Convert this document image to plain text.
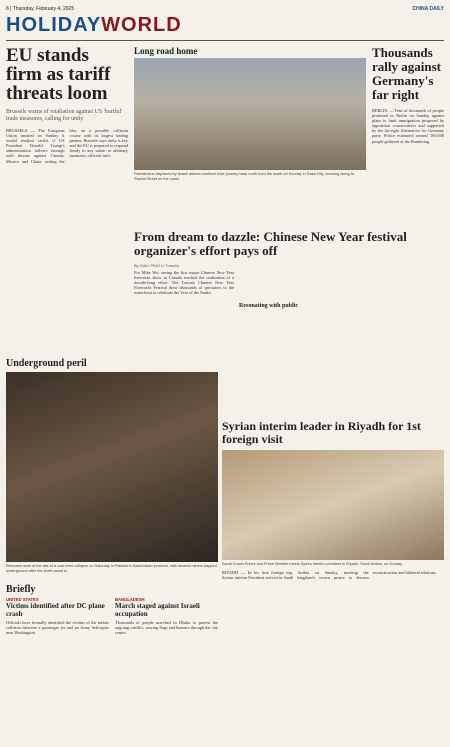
6 | Thursday, February 4, 2025	CHINA DAILY
HOLIDAYWORLD
EU stands firm as tariff threats loom
Brussels warns of retaliation against US 'hurtful' trade measures, calling for unity
BRUSSELS — The European Union insisted on Sunday it would readjust tariffs if US President Donald Trump's administration follows through with threats against Canada, Mexico and China, setting the bloc on a possible collision course with its largest trading partner. Brussels says unity is key and the EU is prepared to respond firmly to any unfair or arbitrary measures, officials said.
Underground peril
Rescuers work at the site of a coal mine collapse on Saturday in Pakistan's Balochistan province, with several miners trapped underground after the shaft caved in.
Briefly
UNITED STATES
Victims identified after DC plane crash
Officials have formally identified the victims of the midair collision between a passenger jet and an Army helicopter near Washington.
BANGLADESH
March staged against Israeli occupation
Thousands of people marched in Dhaka to protest the ongoing conflict, waving flags and banners through the city centre.
Long road home
Palestinians displaced by Israeli attacks continue their journey back north from the south on Sunday in Gaza City, crossing along Al-Rashid Street on the coast.
Thousands rally against Germany's far right
BERLIN — Tens of thousands of people protested in Berlin on Sunday against plans to limit immigration proposed by opposition conservatives and supported by the far-right Alternative for Germany party. Police estimated around 160,000 people gathered at the Bundestag.
From dream to dazzle: Chinese New Year festival organizer's effort pays off
By XIAO PING in Toronto
For Mike Wu, seeing the first major Chinese New Year fireworks show in Canada reached the realization of a decade-long effort. The Toronto Chinese New Year Fireworks Festival drew thousands of spectators to the waterfront to celebrate the Year of the Snake.
Resonating with public
Syrian interim leader in Riyadh for 1st foreign visit
Saudi Crown Prince and Prime Minister meets Syria's interim president in Riyadh, Saudi Arabia, on Sunday.
RIYADH — In his first foreign trip, Syrian interim President arrived in Saudi Arabia on Sunday, meeting the kingdom's crown prince to discuss reconstruction and bilateral relations.
